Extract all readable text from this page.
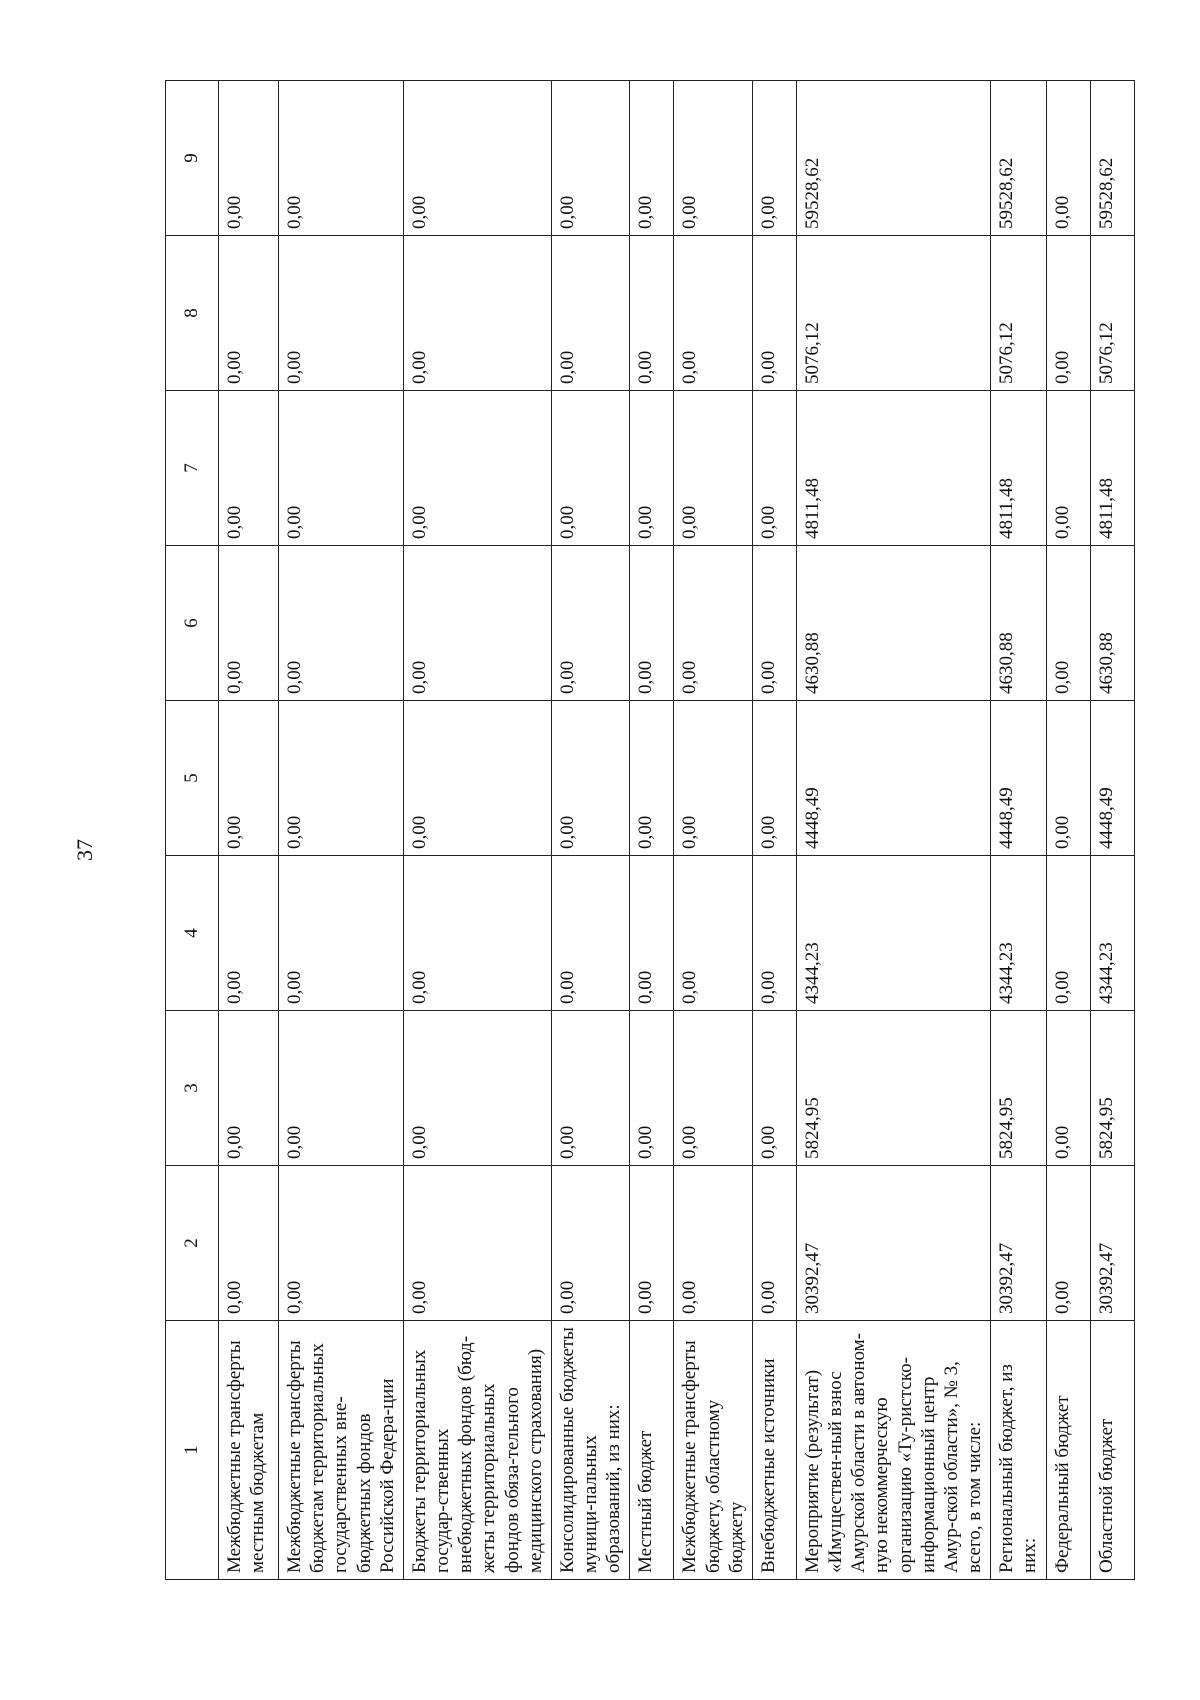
37
1	2	3	4	5	6	7	8	9
Межбюджетные трансферты местным бюджетам	0,00	0,00	0,00	0,00	0,00	0,00	0,00	0,00
Межбюджетные трансферты бюджетам территориальных государственных вне-бюджетных фондов Российской Федера-ции	0,00	0,00	0,00	0,00	0,00	0,00	0,00	0,00
Бюджеты территориальных государ-ственных внебюджетных фондов (бюд-жеты территориальных фондов обяза-тельного медицинского страхования)	0,00	0,00	0,00	0,00	0,00	0,00	0,00	0,00
Консолидированные бюджеты муници-пальных образований, из них:	0,00	0,00	0,00	0,00	0,00	0,00	0,00	0,00
Местный бюджет	0,00	0,00	0,00	0,00	0,00	0,00	0,00	0,00
Межбюджетные трансферты бюджету, областному бюджету	0,00	0,00	0,00	0,00	0,00	0,00	0,00	0,00
Внебюджетные источники	0,00	0,00	0,00	0,00	0,00	0,00	0,00	0,00
Мероприятие (результат) «Имуществен-ный взнос Амурской области в автоном-ную некоммерческую организацию «Ту-ристско-информационный центр Амур-ской области», № 3, всего, в том числе:	30392,47	5824,95	4344,23	4448,49	4630,88	4811,48	5076,12	59528,62
Региональный бюджет, из них:	30392,47	5824,95	4344,23	4448,49	4630,88	4811,48	5076,12	59528,62
Федеральный бюджет	0,00	0,00	0,00	0,00	0,00	0,00	0,00	0,00
Областной бюджет	30392,47	5824,95	4344,23	4448,49	4630,88	4811,48	5076,12	59528,62
